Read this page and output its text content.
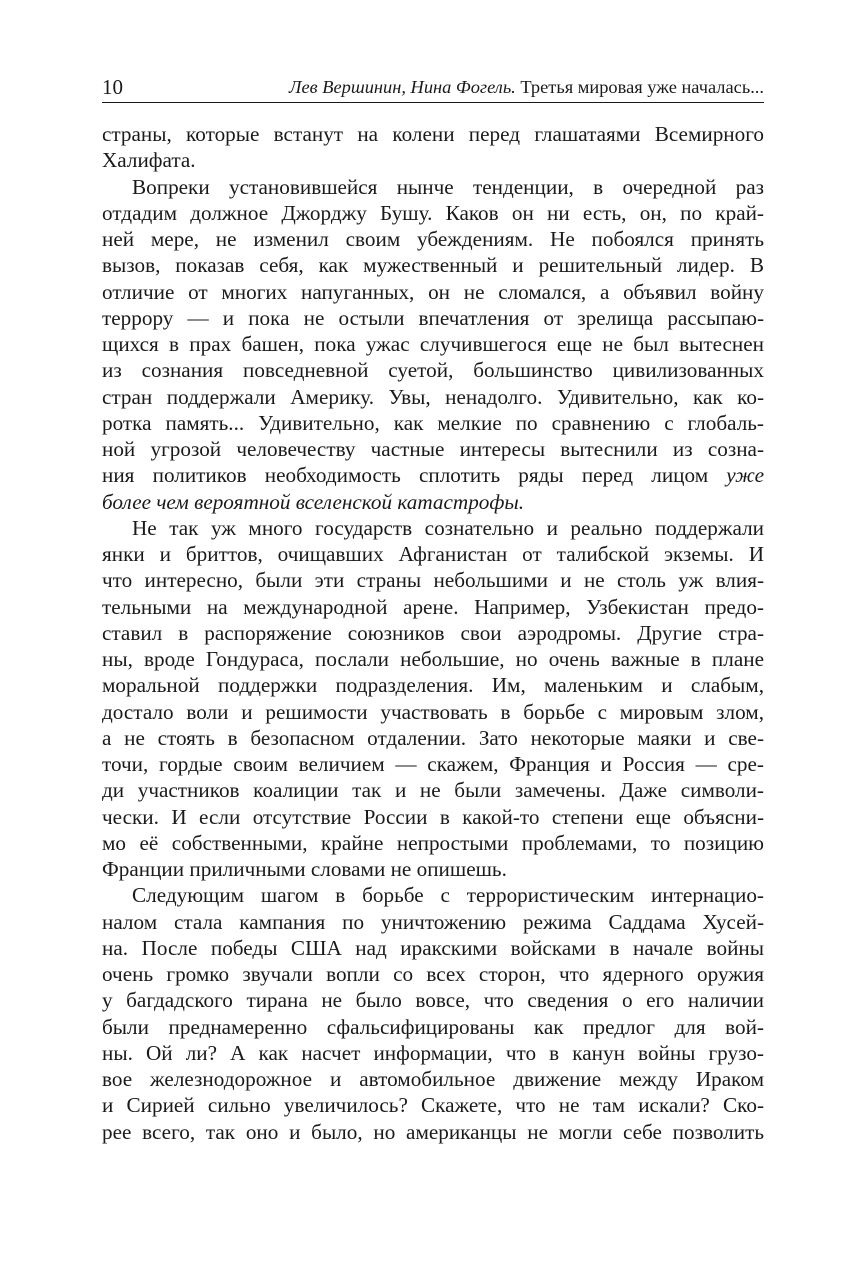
10	Лев Вершинин, Нина Фогель. Третья мировая уже началась...
страны, которые встанут на колени перед глашатаями Всемирного
Халифата.
Вопреки установившейся нынче тенденции, в очередной раз
отдадим должное Джорджу Бушу. Каков он ни есть, он, по край-
ней мере, не изменил своим убеждениям. Не побоялся принять
вызов, показав себя, как мужественный и решительный лидер. В
отличие от многих напуганных, он не сломался, а объявил войну
террору — и пока не остыли впечатления от зрелища рассыпаю-
щихся в прах башен, пока ужас случившегося еще не был вытеснен
из сознания повседневной суетой, большинство цивилизованных
стран поддержали Америку. Увы, ненадолго. Удивительно, как ко-
ротка память... Удивительно, как мелкие по сравнению с глобаль-
ной угрозой человечеству частные интересы вытеснили из созна-
ния политиков необходимость сплотить ряды перед лицом уже
более чем вероятной вселенской катастрофы.
Не так уж много государств сознательно и реально поддержали
янки и бриттов, очищавших Афганистан от талибской экземы. И
что интересно, были эти страны небольшими и не столь уж влия-
тельными на международной арене. Например, Узбекистан предо-
ставил в распоряжение союзников свои аэродромы. Другие стра-
ны, вроде Гондураса, послали небольшие, но очень важные в плане
моральной поддержки подразделения. Им, маленьким и слабым,
достало воли и решимости участвовать в борьбе с мировым злом,
а не стоять в безопасном отдалении. Зато некоторые маяки и све-
точи, гордые своим величием — скажем, Франция и Россия — сре-
ди участников коалиции так и не были замечены. Даже символи-
чески. И если отсутствие России в какой-то степени еще объясни-
мо её собственными, крайне непростыми проблемами, то позицию
Франции приличными словами не опишешь.
Следующим шагом в борьбе с террористическим интернацио-
налом стала кампания по уничтожению режима Саддама Хусей-
на. После победы США над иракскими войсками в начале войны
очень громко звучали вопли со всех сторон, что ядерного оружия
у багдадского тирана не было вовсе, что сведения о его наличии
были преднамеренно сфальсифицированы как предлог для вой-
ны. Ой ли? А как насчет информации, что в канун войны грузо-
вое железнодорожное и автомобильное движение между Ираком
и Сирией сильно увеличилось? Скажете, что не там искали? Ско-
рее всего, так оно и было, но американцы не могли себе позволить
